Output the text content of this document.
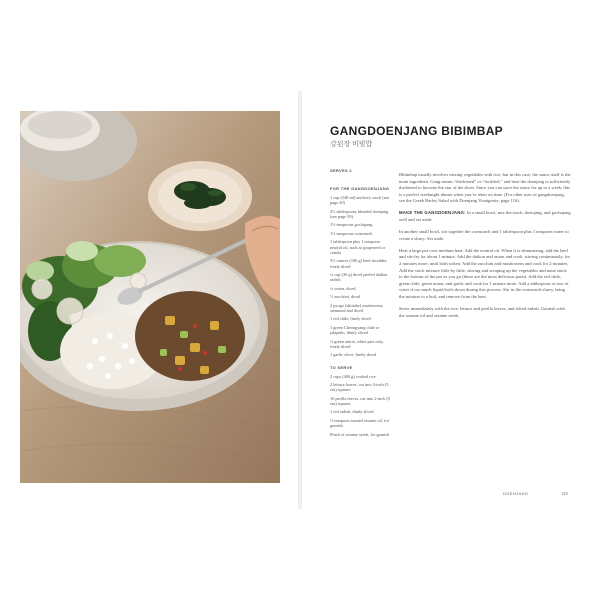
GANGDOENJANG BIBIMBAP
강된장 비빔밥
SERVES 2
FOR THE GANGDOENJANG
1 cup (240 ml) anchovy stock (see page 20)
2½ tablespoons blended doenjang (see page 59)
1½ teaspoons gochujang
1½ teaspoons cornstarch
1 tablespoon plus 1 teaspoon neutral oil, such as grapeseed or canola
3½ ounces (100 g) beef shoulder, finely diced
¼ cup (30 g) diced peeled daikon radish
¼ onion, diced
½ zucchini, diced
2 pyogo (shiitake) mushrooms, stemmed and diced
1 red chile, finely diced
1 green Cheongyang chile or jalapeño, thinly sliced
½ green onion, white part only, finely diced
1 garlic clove, finely diced
TO SERVE
2 cups (400 g) cooked rice
2 lettuce leaves, cut into 2-inch (5 cm) squares
10 perilla leaves, cut into 2-inch (5 cm) squares
1 red radish, thinly sliced
½ teaspoon toasted sesame oil, for garnish
Pinch of sesame seeds, for garnish

Bibimbap usually involves mixing vegetables with rice, but in this case, the sauce itself is the main ingredient. Gang means “thickened” or “fortified,” and here the doenjang is sufficiently thickened to become the star of the show. Since you can store the sauce for up to a week, this is a perfect weeknight dinner when you’re short on time. (For other uses of gangdoenjang, see the Greek Barley Salad with Doenjang Vinaigrette, page 116).

MAKE THE GANGDOENJANG: In a small bowl, mix the stock, doenjang, and gochujang well and set aside.

In another small bowl, stir together the cornstarch and 1 tablespoon plus 1 teaspoon water to create a slurry. Set aside.

Heat a large pot over medium heat. Add the neutral oil. When it is shimmering, add the beef and stir-fry for about 1 minute. Add the daikon and onion and cook, stirring continuously, for 2 minutes more, until both soften. Add the zucchini and mushrooms and cook for 2 minutes. Add the stock mixture little by little, stirring and scraping up the vegetables and meat stuck to the bottom of the pot as you go (these are the most delicious parts). Add the red chile, green chile, green onion, and garlic and cook for 1 minute more. Add a tablespoon or two of water if too much liquid boils down during this process. Stir in the cornstarch slurry, bring the mixture to a boil, and remove from the heat.

Serve immediately with the rice, lettuce and perilla leaves, and sliced radish. Garnish with the sesame oil and sesame seeds.

DOENJANG	129
